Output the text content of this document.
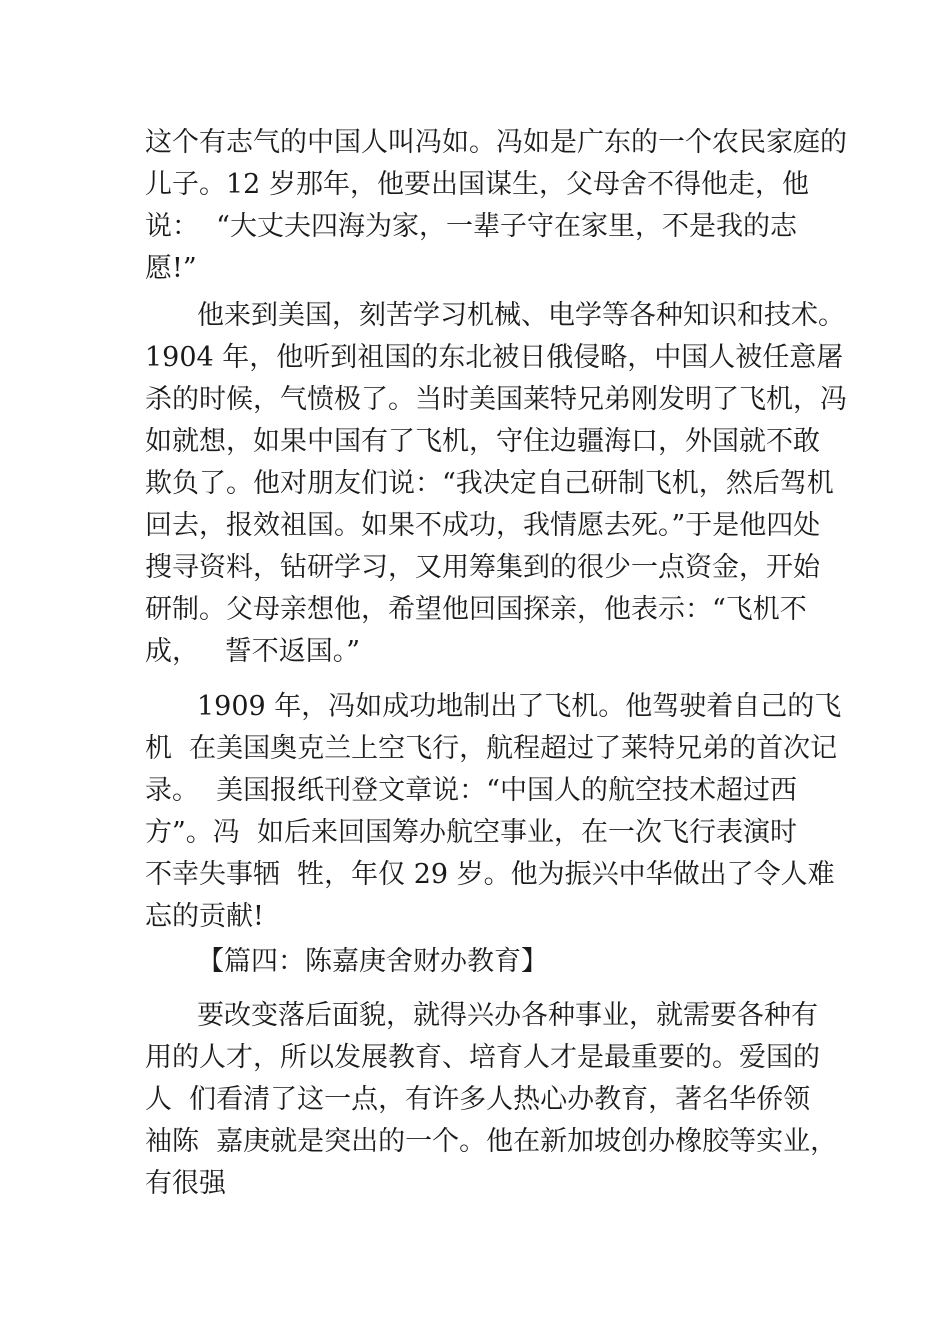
这个有志气的中国人叫冯如。冯如是广东的一个农民家庭的
儿子。12 岁那年，他要出国谋生，父母舍不得他走，他
说：  “大丈夫四海为家，一辈子守在家里，不是我的志
愿!”
他来到美国，刻苦学习机械、电学等各种知识和技术。
1904 年，他听到祖国的东北被日俄侵略，中国人被任意屠
杀的时候，气愤极了。当时美国莱特兄弟刚发明了飞机，冯
如就想，如果中国有了飞机，守住边疆海口，外国就不敢
欺负了。他对朋友们说：“我决定自己研制飞机，然后驾机
回去，报效祖国。如果不成功，我情愿去死。”于是他四处
搜寻资料，钻研学习，又用筹集到的很少一点资金，开始
研制。父母亲想他，希望他回国探亲，他表示：“飞机不
成，   誓不返国。”
1909 年，冯如成功地制出了飞机。他驾驶着自己的飞
机  在美国奥克兰上空飞行，航程超过了莱特兄弟的首次记
录。  美国报纸刊登文章说：“中国人的航空技术超过西
方”。冯  如后来回国筹办航空事业，在一次飞行表演时
不幸失事牺  牲，年仅 29 岁。他为振兴中华做出了令人难
忘的贡献!
【篇四：陈嘉庚舍财办教育】
要改变落后面貌，就得兴办各种事业，就需要各种有
用的人才，所以发展教育、培育人才是最重要的。爱国的
人  们看清了这一点，有许多人热心办教育，著名华侨领
袖陈  嘉庚就是突出的一个。他在新加坡创办橡胶等实业，
有很强
